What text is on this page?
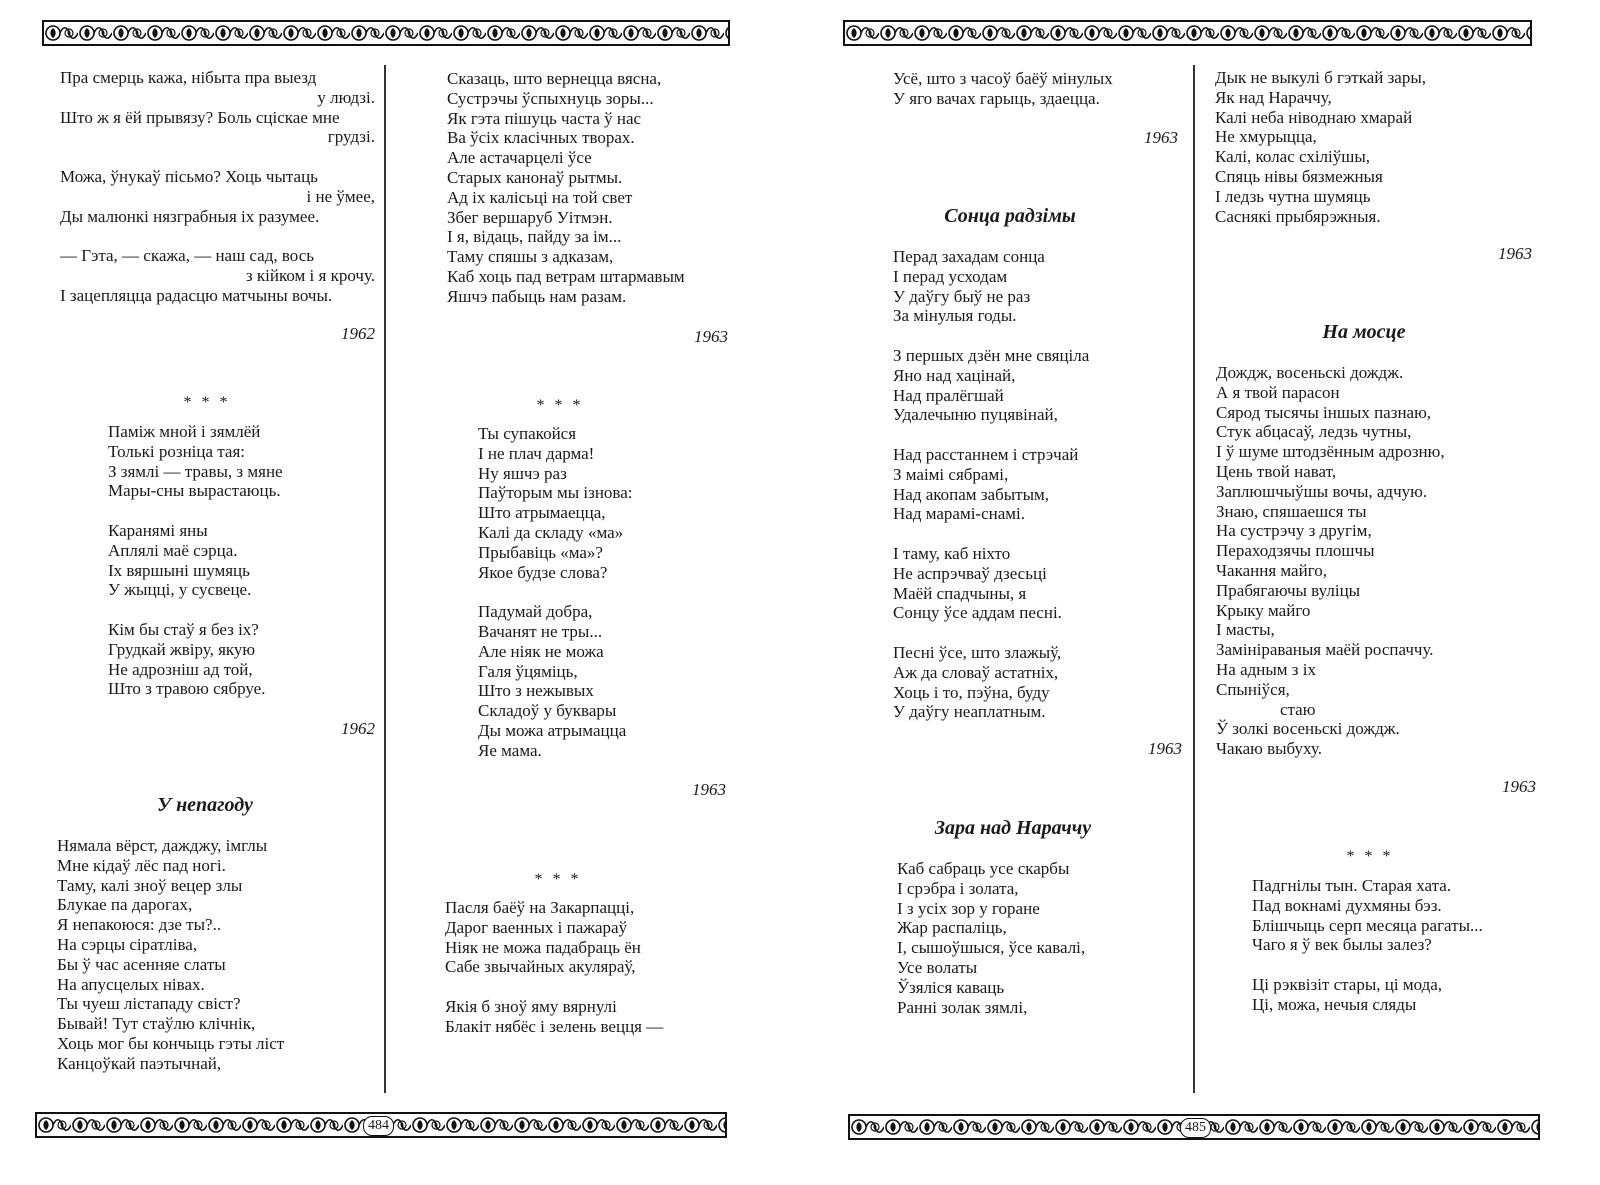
484	485
Пра смерць кажа, нібыта пра выезд
у людзі.
Што ж я ёй прывязу? Боль сціскае мне
грудзі.
Можа, ўнукаў пісьмо? Хоць чытаць
і не ўмее,
Ды малюнкі нязграбныя іх разумее.
— Гэта, — скажа, — наш сад, вось
з кійком і я крочу.
І зацепляцца радасцю матчыны вочы.
1962
* * *
Паміж мной і зямлёй
Толькі розніца тая:
З зямлі — травы, з мяне
Мары-сны вырастаюць.
Каранямі яны
Аплялі маё сэрца.
Іх вяршыні шумяць
У жыцці, у сусвеце.
Кім бы стаў я без іх?
Грудкай жвіру, якую
Не адрозніш ад той,
Што з травою сябруе.
1962
У непагоду
Нямала вёрст, дажджу, імглы
Мне кідаў лёс пад ногі.
Таму, калі зноў вецер злы
Блукае па дарогах,
Я непакоюся: дзе ты?..
На сэрцы сіратліва,
Бы ў час асенняе слаты
На апусцелых нівах.
Ты чуеш лістападу свіст?
Бывай! Тут стаўлю клічнік,
Хоць мог бы кончыць гэты ліст
Канцоўкай паэтычнай,
Сказаць, што вернецца вясна,
Сустрэчы ўспыхнуць зоры...
Як гэта пішуць часта ў нас
Ва ўсіх класічных творах.
Але астачарцелі ўсе
Старых канонаў рытмы.
Ад іх калісьці на той свет
Збег вершаруб Уітмэн.
І я, відаць, пайду за ім...
Таму спяшы з адказам,
Каб хоць пад ветрам штармавым
Яшчэ пабыць нам разам.
1963
* * *
Ты супакойся
І не плач дарма!
Ну яшчэ раз
Паўторым мы ізнова:
Што атрымаецца,
Калі да складу «ма»
Прыбавіць «ма»?
Якое будзе слова?
Падумай добра,
Вачанят не тры...
Але ніяк не можа
Галя ўцяміць,
Што з нежывых
Складоў у буквары
Ды можа атрымацца
Яе мама.
1963
* * *
Пасля баёў на Закарпацці,
Дарог ваенных і пажараў
Ніяк не можа падабраць ён
Сабе звычайных акуляраў,
Якія б зноў яму вярнулі
Блакіт нябёс і зелень вецця —
Усё, што з часоў баёў мінулых
У яго вачах гарыць, здаецца.
1963
Сонца радзімы
Перад захадам сонца
І перад усходам
У даўгу быў не раз
За мінулыя годы.
З першых дзён мне свяціла
Яно над хацінай,
Над пралёгшай
Удалечыню пуцявінай,
Над расстаннем і стрэчай
З маімі сябрамі,
Над акопам забытым,
Над марамі-снамі.
І таму, каб ніхто
Не аспрэчваў дзесьці
Маёй спадчыны, я
Сонцу ўсе аддам песні.
Песні ўсе, што злажыў,
Аж да словаў астатніх,
Хоць і то, пэўна, буду
У даўгу неаплатным.
1963
Зара над Нараччу
Каб сабраць усе скарбы
І срэбра і золата,
І з усіх зор у горане
Жар распаліць,
І, сышоўшыся, ўсе кавалі,
Усе волаты
Ўзяліся каваць
Ранні золак зямлі,
Дык не выкулі б гэткай зары,
Як над Нараччу,
Калі неба ніводнаю хмарай
Не хмурыцца,
Калі, колас схіліўшы,
Спяць нівы бязмежныя
І ледзь чутна шумяць
Саснякі прыбярэжныя.
1963
На мосце
Дождж, восеньскі дождж.
А я твой парасон
Сярод тысячы іншых пазнаю,
Стук абцасаў, ледзь чутны,
І ў шуме штодзённым адрозню,
Цень твой нават,
Заплюшчыўшы вочы, адчую.
Знаю, спяшаешся ты
На сустрэчу з другім,
Пераходзячы плошчы
Чакання майго,
Прабягаючы вуліцы
Крыку майго
І масты,
Замініраваныя маёй роспаччу.
На адным з іх
Спыніўся,
стаю
Ў золкі восеньскі дождж.
Чакаю выбуху.
1963
* * *
Падгнілы тын. Старая хата.
Пад вокнамі духмяны бэз.
Блішчыць серп месяца рагаты...
Чаго я ў век былы залез?
Ці рэквізіт стары, ці мода,
Ці, можа, нечыя сляды
